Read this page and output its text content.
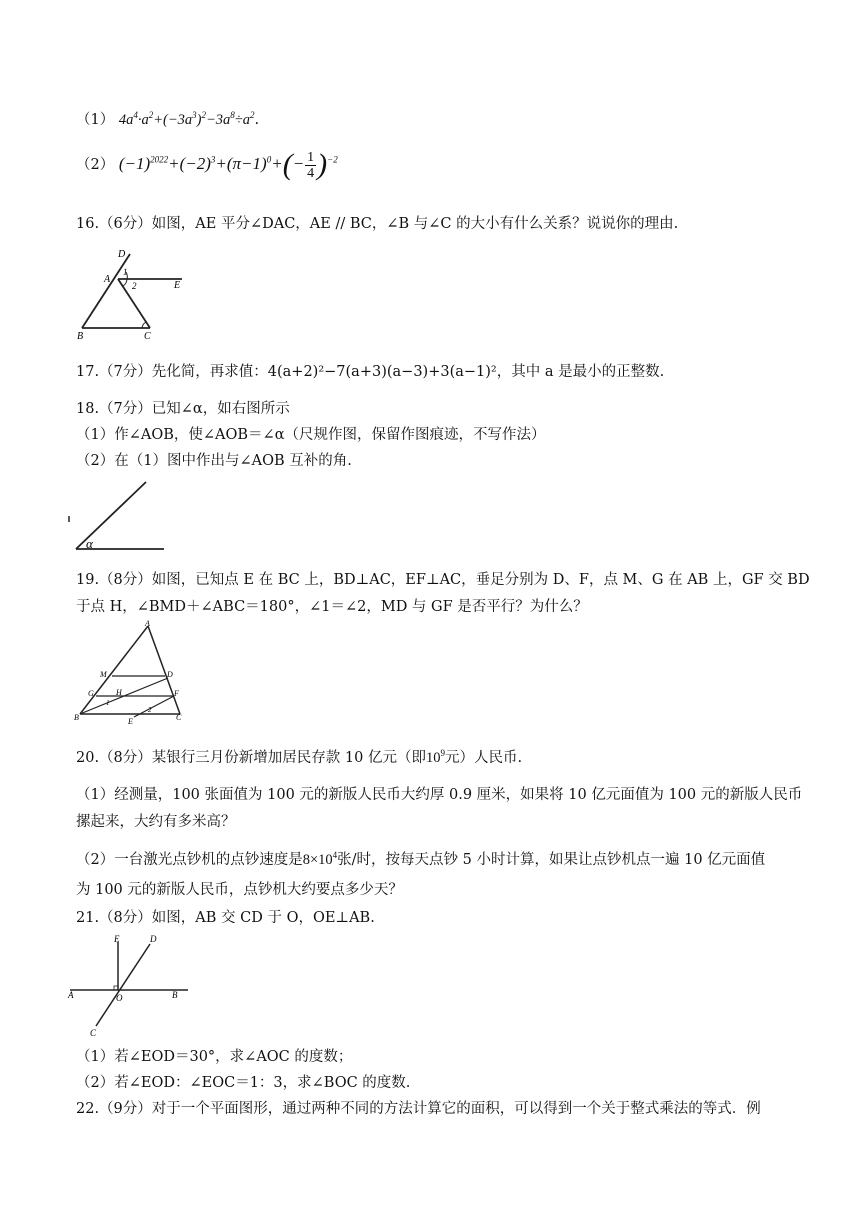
（1） $4a^4\cdot a^2+(-3a^3)^2-3a^8\div a^2$.
（2） $(-1)^{2022}+(-2)^3+(\pi-1)^0+(- \frac{1}{4} )^{-2}$
16.（6分）如图，AE 平分∠DAC，AE // BC，∠B 与∠C 的大小有什么关系？说说你的理由.
D
A
1
2	E
B	C
17.（7分）先化简，再求值：4(a+2)²−7(a+3)(a−3)+3(a−1)²，其中 a 是最小的正整数.
18.（7分）已知∠α，如右图所示
（1）作∠AOB，使∠AOB＝∠α（尺规作图，保留作图痕迹，不写作法）
（2）在（1）图中作出与∠AOB 互补的角.
α
19.（8分）如图，已知点 E 在 BC 上，BD⊥AC，EF⊥AC，垂足分别为 D、F，点 M、G 在 AB 上，GF 交 BD
于点 H，∠BMD＋∠ABC＝180°，∠1＝∠2，MD 与 GF 是否平行？为什么？
A
M	D
G	H	F
B	E	C
1
2
20.（8分）某银行三月份新增加居民存款 10 亿元（即$10^9$元）人民币.
（1）经测量，100 张面值为 100 元的新版人民币大约厚 0.9 厘米，如果将 10 亿元面值为 100 元的新版人民币
摞起来，大约有多米高？
（2）一台激光点钞机的点钞速度是$8\times 10^4$张/时，按每天点钞 5 小时计算，如果让点钞机点一遍 10 亿元面值
为 100 元的新版人民币，点钞机大约要点多少天？
21.（8分）如图，AB 交 CD 于 O，OE⊥AB.
E	D
A	O	B
C
（1）若∠EOD＝30°，求∠AOC 的度数；
（2）若∠EOD：∠EOC＝1：3，求∠BOC 的度数.
22.（9分）对于一个平面图形，通过两种不同的方法计算它的面积，可以得到一个关于整式乘法的等式．例
